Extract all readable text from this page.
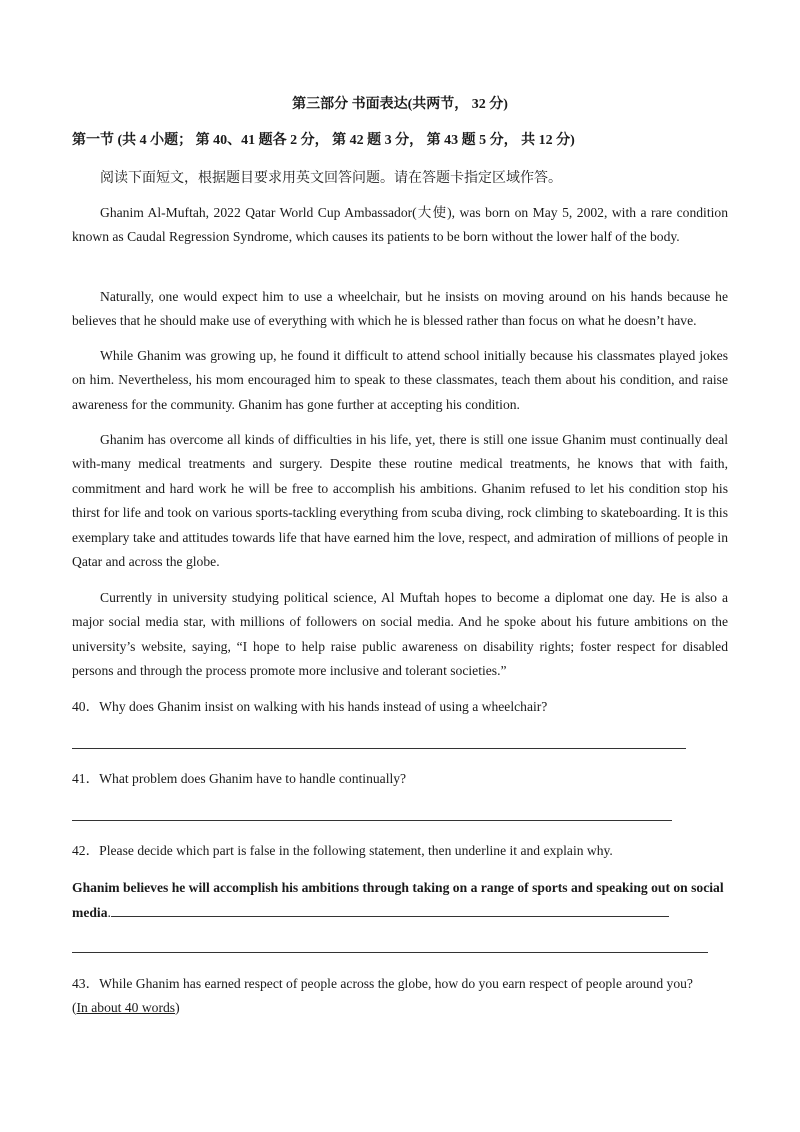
第三部分 书面表达(共两节， 32 分)
第一节 (共 4 小题； 第 40、41 题各 2 分， 第 42 题 3 分， 第 43 题 5 分， 共 12 分)

阅读下面短文，根据题目要求用英文回答问题。请在答题卡指定区域作答。

Ghanim Al-Muftah, 2022 Qatar World Cup Ambassador(大使), was born on May 5, 2002, with a rare condition known as Caudal Regression Syndrome, which causes its patients to be born without the lower half of the body.

Naturally, one would expect him to use a wheelchair, but he insists on moving around on his hands because he believes that he should make use of everything with which he is blessed rather than focus on what he doesn’t have.

While Ghanim was growing up, he found it difficult to attend school initially because his classmates played jokes on him. Nevertheless, his mom encouraged him to speak to these classmates, teach them about his condition, and raise awareness for the community. Ghanim has gone further at accepting his condition.

Ghanim has overcome all kinds of difficulties in his life, yet, there is still one issue Ghanim must continually deal with-many medical treatments and surgery. Despite these routine medical treatments, he knows that with faith, commitment and hard work he will be free to accomplish his ambitions. Ghanim refused to let his condition stop his thirst for life and took on various sports-tackling everything from scuba diving, rock climbing to skateboarding. It is this exemplary take and attitudes towards life that have earned him the love, respect, and admiration of millions of people in Qatar and across the globe.

Currently in university studying political science, Al Muftah hopes to become a diplomat one day. He is also a major social media star, with millions of followers on social media. And he spoke about his future ambitions on the university’s website, saying, “I hope to help raise public awareness on disability rights; foster respect for disabled persons and through the process promote more inclusive and tolerant societies.”

40．Why does Ghanim insist on walking with his hands instead of using a wheelchair?

41．What problem does Ghanim have to handle continually?

42．Please decide which part is false in the following statement, then underline it and explain why.

Ghanim believes he will accomplish his ambitions through taking on a range of sports and speaking out on social media.

43．While Ghanim has earned respect of people across the globe, how do you earn respect of people around you?
(In about 40 words)
